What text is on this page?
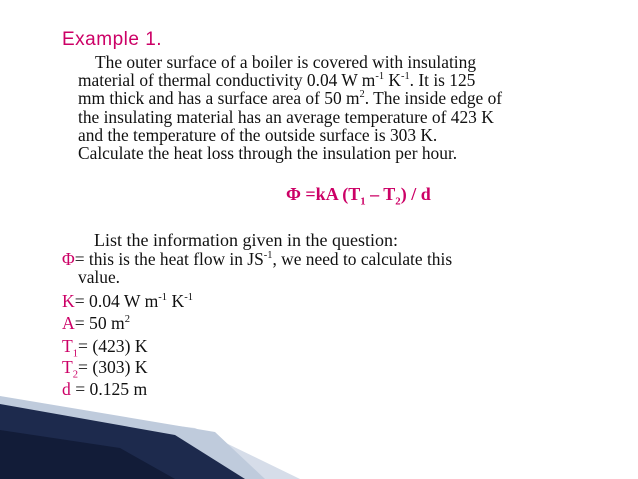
Example 1.
The outer surface of a boiler is covered with insulating
material of thermal conductivity 0.04 W $m^{-1}$ $K^{-1}$. It is 125
mm thick and has a surface area of 50 $m^2$. The inside edge of
the insulating material has an average temperature of 423 K
and the temperature of the outside surface is 303 K.
Calculate the heat loss through the insulation per hour.
Φ =kA $(T_1 - T_2)$ / d
List the information given in the question:
Φ= this is the heat flow in $JS^{-1}$, we need to calculate this
value.
K= 0.04 W $m^{-1}$ $K^{-1}$
A= 50 $m^2$
$T_1= (423)$ K
$T_2= (303)$ K
d = 0.125 m
